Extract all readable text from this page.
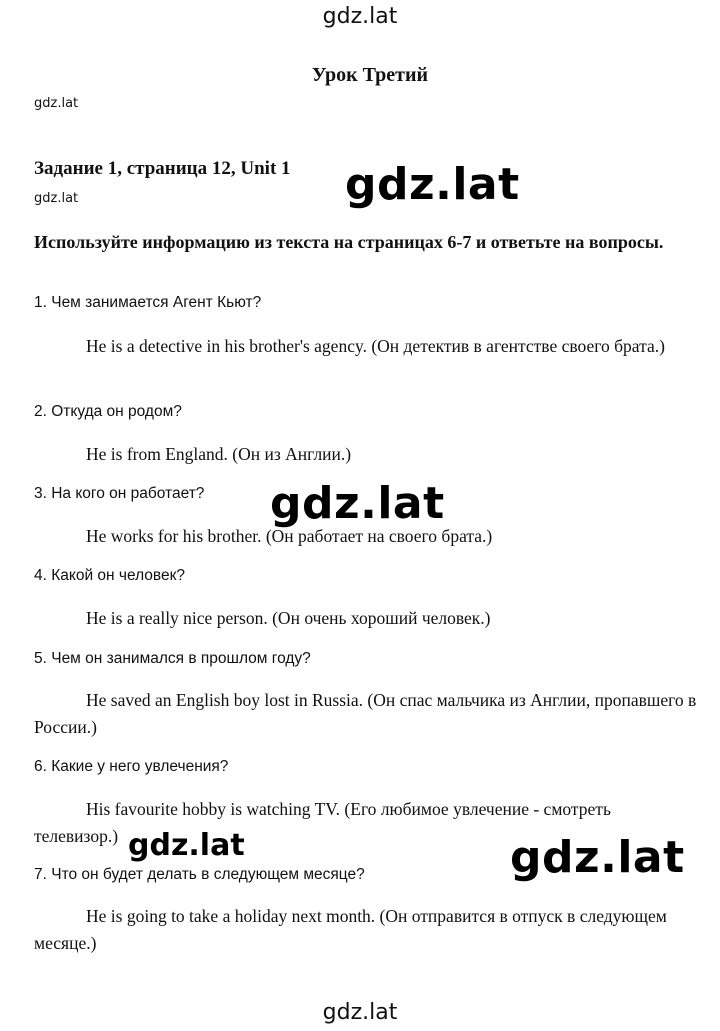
gdz.lat
Урок Третий
gdz.lat
Задание 1, страница 12, Unit 1 gdz.lat
gdz.lat
Используйте информацию из текста на страницах 6-7 и ответьте на вопросы.
1. Чем занимается Агент Кьют?
He is a detective in his brother's agency. (Он детектив в агентстве своего брата.)
2. Откуда он родом?
He is from England. (Он из Англии.)
3. На кого он работает?
He works for his brother. (Он работает на своего брата.)
gdz.lat
4. Какой он человек?
He is a really nice person. (Он очень хороший человек.)
5. Чем он занимался в прошлом году?
He saved an English boy lost in Russia. (Он спас мальчика из Англии, пропавшего в России.)
6. Какие у него увлечения?
His favourite hobby is watching TV. (Его любимое увлечение - смотреть телевизор.) gdz.lat	gdz.lat
7. Что он будет делать в следующем месяце?
He is going to take a holiday next month. (Он отправится в отпуск в следующем месяце.)
gdz.lat
